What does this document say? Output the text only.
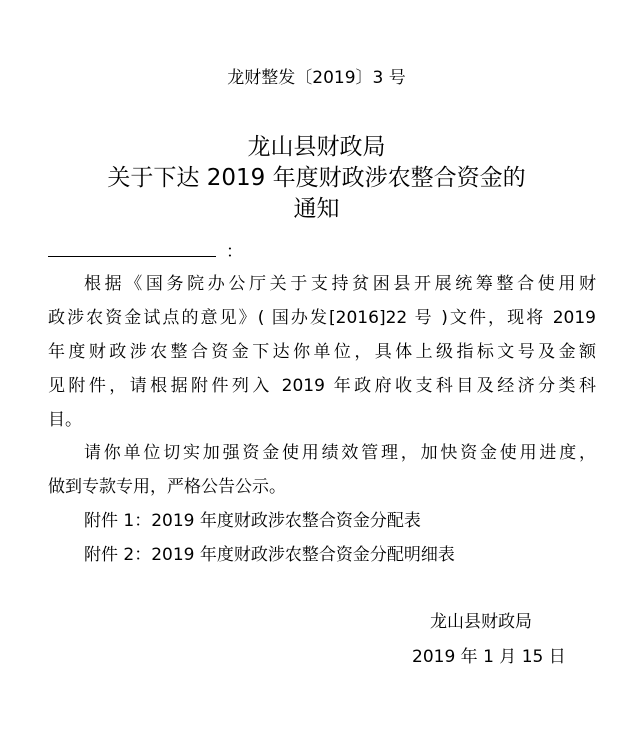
龙财整发〔2019〕3 号
龙山县财政局
关于下达 2019 年度财政涉农整合资金的
通知
：
根据《国务院办公厅关于支持贫困县开展统筹整合使用财
政涉农资金试点的意见》( 国办发[2016]22 号 )文件，现将 2019
年度财政涉农整合资金下达你单位，具体上级指标文号及金额
见附件，请根据附件列入 2019 年政府收支科目及经济分类科
目。
请你单位切实加强资金使用绩效管理，加快资金使用进度，
做到专款专用，严格公告公示。
附件 1：2019 年度财政涉农整合资金分配表
附件 2：2019 年度财政涉农整合资金分配明细表
龙山县财政局
2019 年 1 月 15 日
